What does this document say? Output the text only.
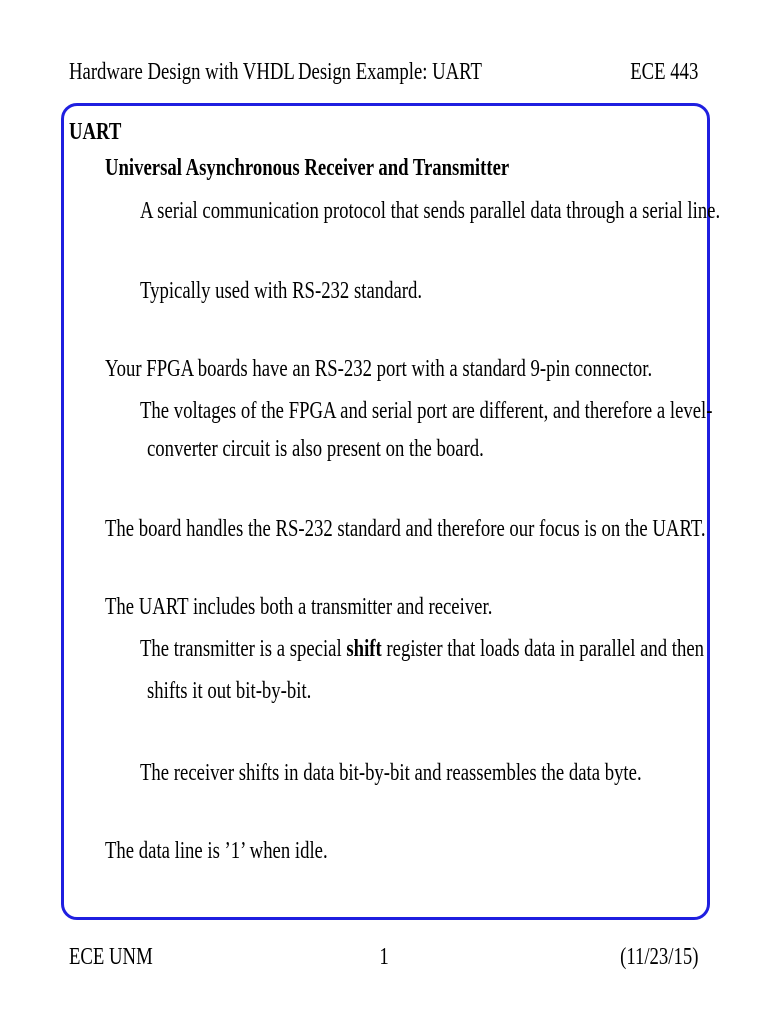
Hardware Design with VHDL Design Example: UART	ECE 443
UART
Universal Asynchronous Receiver and Transmitter
A serial communication protocol that sends parallel data through a serial line.
Typically used with RS-232 standard.
Your FPGA boards have an RS-232 port with a standard 9-pin connector.
The voltages of the FPGA and serial port are different, and therefore a level-
converter circuit is also present on the board.
The board handles the RS-232 standard and therefore our focus is on the UART.
The UART includes both a transmitter and receiver.
The transmitter is a special shift register that loads data in parallel and then
shifts it out bit-by-bit.
The receiver shifts in data bit-by-bit and reassembles the data byte.
The data line is ’1’ when idle.
ECE UNM	1	(11/23/15)
